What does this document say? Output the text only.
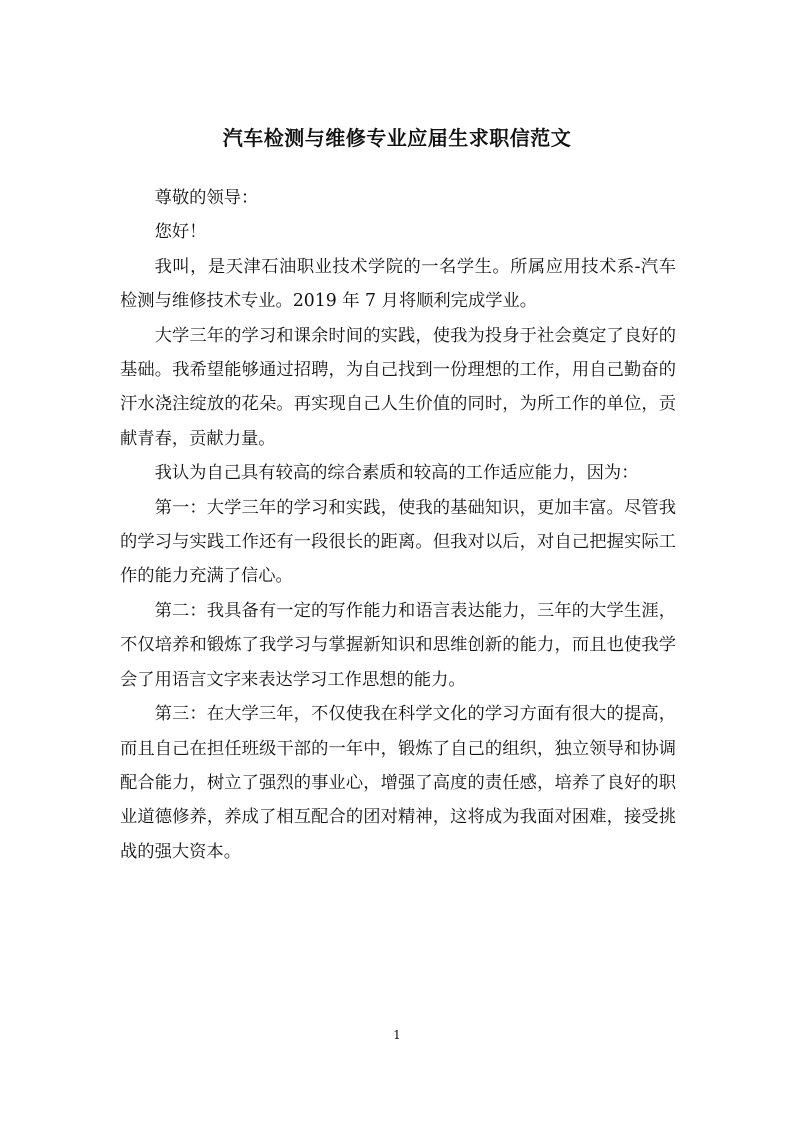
汽车检测与维修专业应届生求职信范文

尊敬的领导：

您好！

我叫，是天津石油职业技术学院的一名学生。所属应用技术系-汽车检测与维修技术专业。2019 年 7 月将顺利完成学业。

大学三年的学习和课余时间的实践，使我为投身于社会奠定了良好的基础。我希望能够通过招聘，为自己找到一份理想的工作，用自己勤奋的汗水浇注绽放的花朵。再实现自己人生价值的同时，为所工作的单位，贡献青春，贡献力量。

我认为自己具有较高的综合素质和较高的工作适应能力，因为：

第一：大学三年的学习和实践，使我的基础知识，更加丰富。尽管我的学习与实践工作还有一段很长的距离。但我对以后，对自己把握实际工作的能力充满了信心。

第二：我具备有一定的写作能力和语言表达能力，三年的大学生涯，不仅培养和锻炼了我学习与掌握新知识和思维创新的能力，而且也使我学会了用语言文字来表达学习工作思想的能力。

第三：在大学三年，不仅使我在科学文化的学习方面有很大的提高，而且自己在担任班级干部的一年中，锻炼了自己的组织，独立领导和协调配合能力，树立了强烈的事业心，增强了高度的责任感，培养了良好的职业道德修养，养成了相互配合的团对精神，这将成为我面对困难，接受挑战的强大资本。

1
